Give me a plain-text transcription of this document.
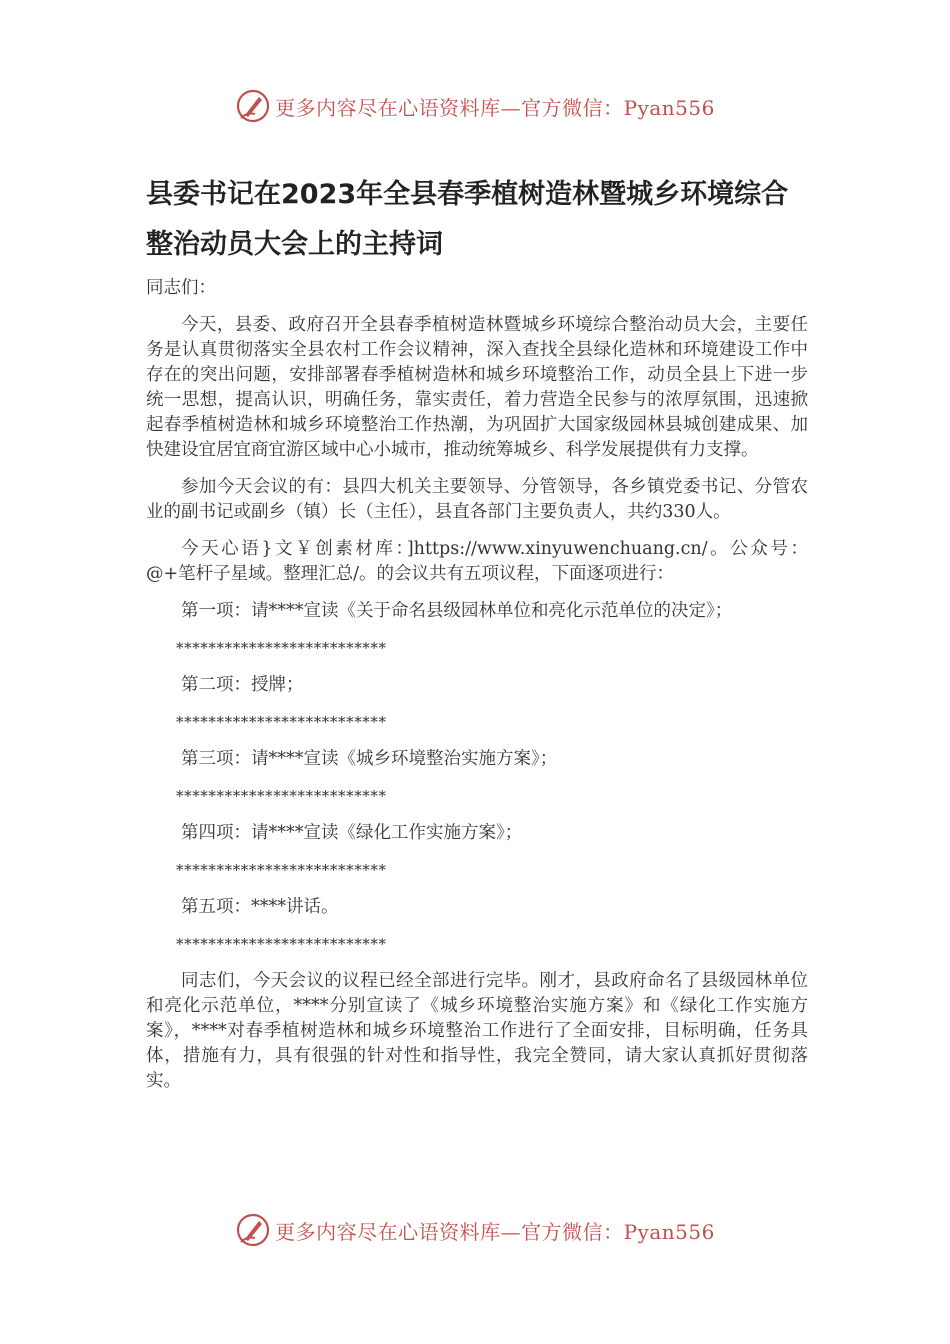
更多内容尽在心语资料库—官方微信：Pyan556
县委书记在2023年全县春季植树造林暨城乡环境综合整治动员大会上的主持词

同志们：

今天，县委、政府召开全县春季植树造林暨城乡环境综合整治动员大会，主要任务是认真贯彻落实全县农村工作会议精神，深入查找全县绿化造林和环境建设工作中存在的突出问题，安排部署春季植树造林和城乡环境整治工作，动员全县上下进一步统一思想，提高认识，明确任务，靠实责任，着力营造全民参与的浓厚氛围，迅速掀起春季植树造林和城乡环境整治工作热潮，为巩固扩大国家级园林县城创建成果、加快建设宜居宜商宜游区域中心小城市，推动统筹城乡、科学发展提供有力支撑。

参加今天会议的有：县四大机关主要领导、分管领导，各乡镇党委书记、分管农业的副书记或副乡（镇）长（主任），县直各部门主要负责人，共约330人。

今天心语}文￥创素材库：]https://www.xinyuwenchuang.cn/。公众号：@+笔杆子星域。整理汇总/。的会议共有五项议程，下面逐项进行：

第一项：请****宣读《关于命名县级园林单位和亮化示范单位的决定》；
**************************
第二项：授牌；
**************************
第三项：请****宣读《城乡环境整治实施方案》；
**************************
第四项：请****宣读《绿化工作实施方案》；
**************************
第五项：****讲话。
**************************

同志们，今天会议的议程已经全部进行完毕。刚才，县政府命名了县级园林单位和亮化示范单位，****分别宣读了《城乡环境整治实施方案》和《绿化工作实施方案》，****对春季植树造林和城乡环境整治工作进行了全面安排，目标明确，任务具体，措施有力，具有很强的针对性和指导性，我完全赞同，请大家认真抓好贯彻落实。

更多内容尽在心语资料库—官方微信：Pyan556
